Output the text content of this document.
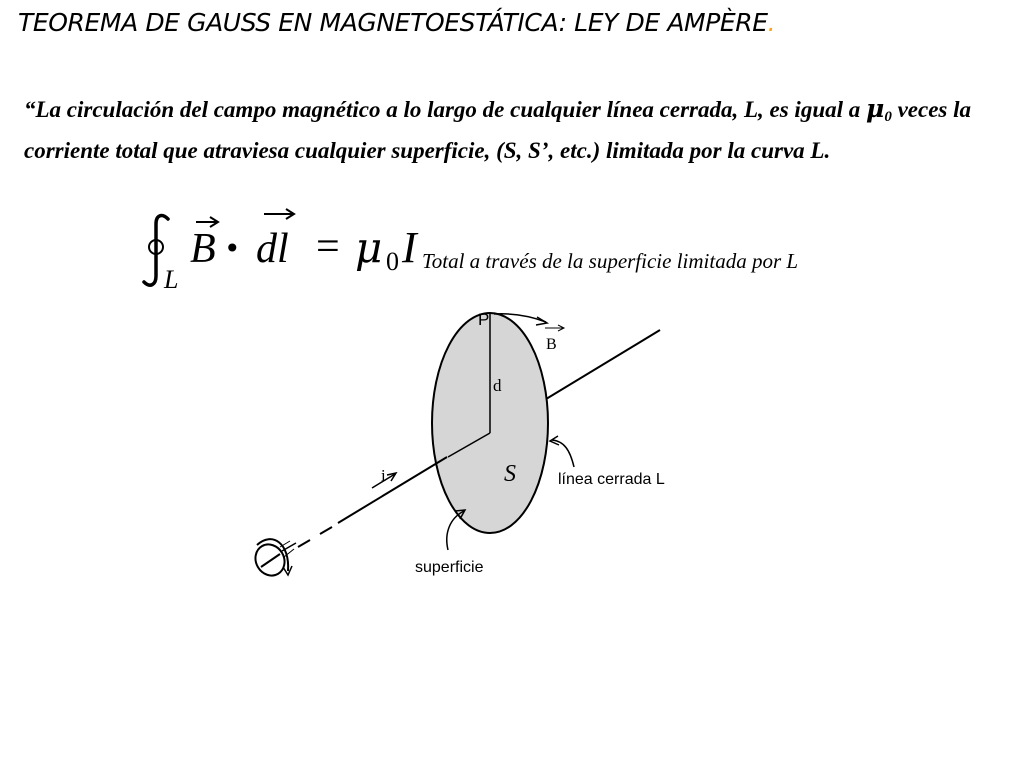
TEOREMA DE GAUSS EN MAGNETOESTÁTICA: LEY DE AMPÈRE.

“La circulación del campo magnético a lo largo de cualquier línea cerrada, L, es igual a $\mu_0$ veces la corriente total que atraviesa cualquier superficie, (S, S’, etc.) limitada por la curva L.

L
B • dl = μ 0 I Total a través de la superficie limitada por L
P
B
d
i	S	línea cerrada L
superficie
